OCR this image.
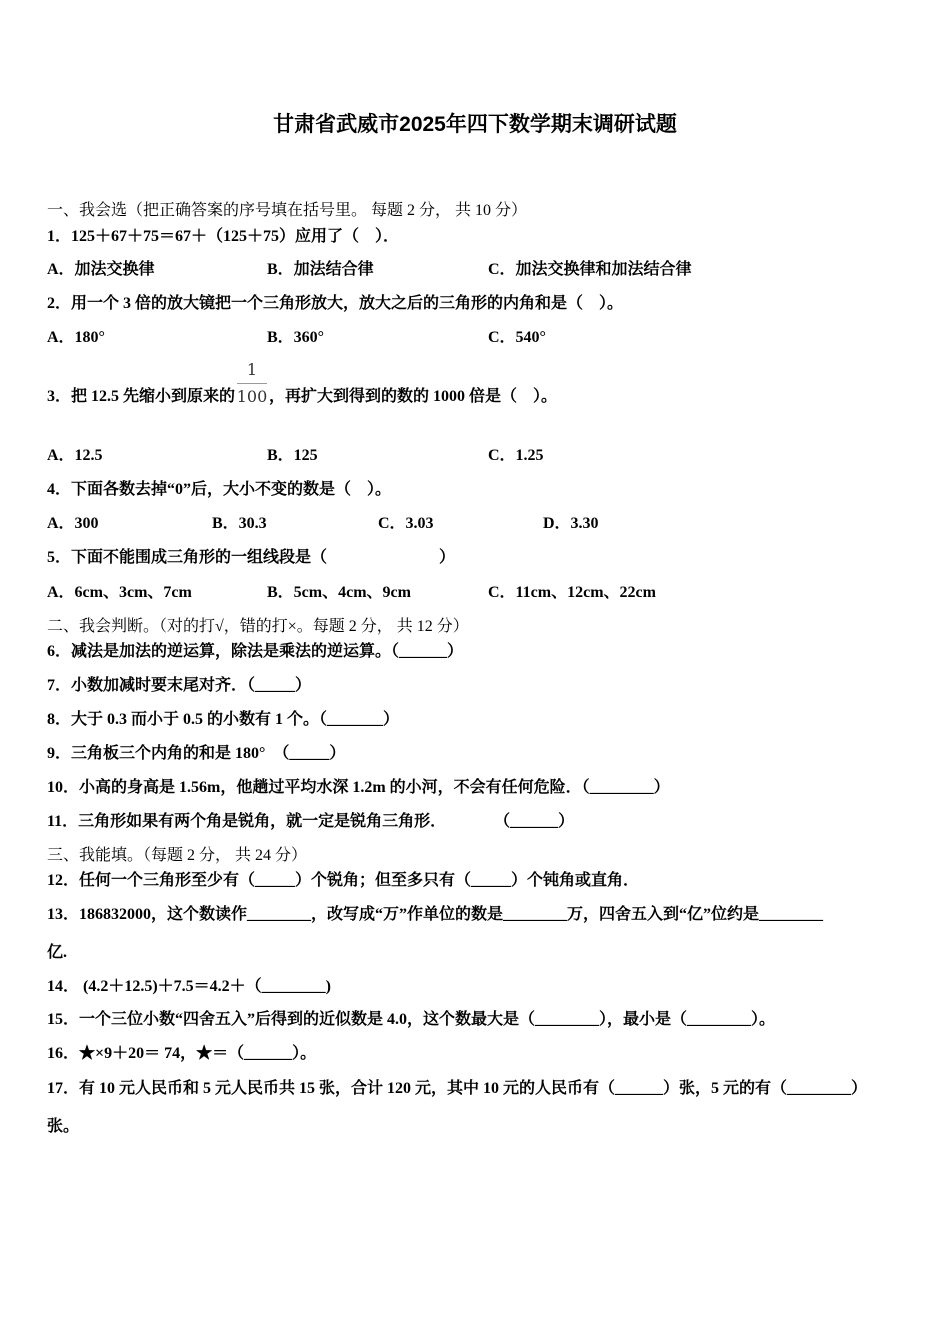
甘肃省武威市2025年四下数学期末调研试题
一、我会选（把正确答案的序号填在括号里。 每题 2 分， 共 10 分）
1．125＋67＋75＝67＋（125＋75）应用了（　）．
A．加法交换律	B．加法结合律	C．加法交换律和加法结合律
2．用一个 3 倍的放大镜把一个三角形放大，放大之后的三角形的内角和是（　）。
A．180°	B．360°	C．540°
3．把 12.5 先缩小到原来的
1
100 ，再扩大到得到的数的 1000 倍是（　）。
A．12.5	B．125	C．1.25
4．下面各数去掉“0”后，大小不变的数是（　）。
A．300	B．30.3	C．3.03	D．3.30
5．下面不能围成三角形的一组线段是（　　　　　　　）
A．6cm、3cm、7cm	B．5cm、4cm、9cm	C．11cm、12cm、22cm
二、我会判断。（对的打√，错的打×。每题 2 分， 共 12 分）
6．减法是加法的逆运算，除法是乘法的逆运算。（______）
7．小数加减时要末尾对齐．（_____）
8．大于 0.3 而小于 0.5 的小数有 1 个。（_______）
9．三角板三个内角的和是 180°　（_____）
10．小高的身高是 1.56m，他趟过平均水深 1.2m 的小河，不会有任何危险．（________）
11．三角形如果有两个角是锐角，就一定是锐角三角形．　　　　（______）
三、我能填。（每题 2 分， 共 24 分）
12．任何一个三角形至少有（_____）个锐角；但至多只有（_____）个钝角或直角．
13．186832000，这个数读作________，改写成“万”作单位的数是________万，四舍五入到“亿”位约是________
亿.
14． (4.2＋12.5)＋7.5＝4.2＋（________)
15．一个三位小数“四舍五入”后得到的近似数是 4.0，这个数最大是（________），最小是（________）。
16．★×9＋20＝ 74，★＝（______）。
17．有 10 元人民币和 5 元人民币共 15 张，合计 120 元，其中 10 元的人民币有（______）张，5 元的有（________）
张。
